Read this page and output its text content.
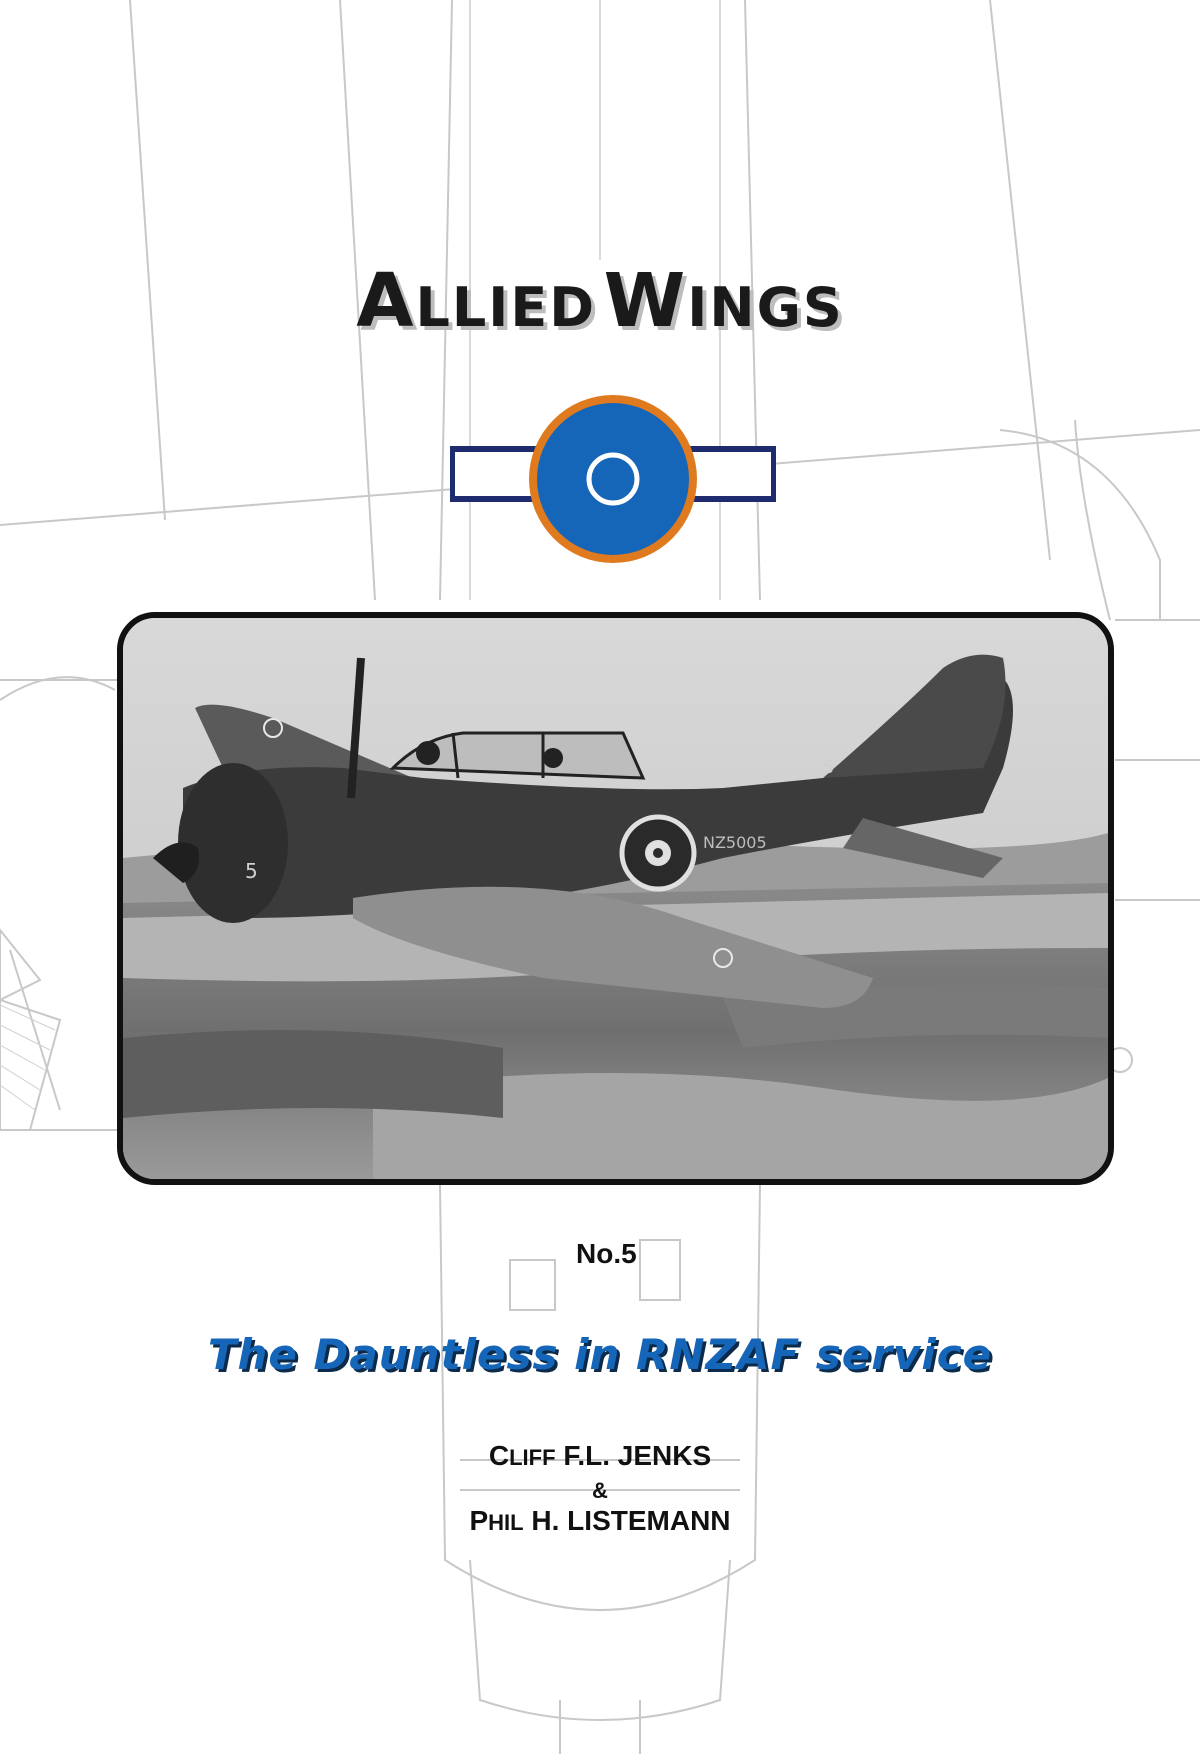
ALLIED WINGS
5
5
NZ5005
No.5
The Dauntless in RNZAF service
CLIFF F.L. JENKS
&
PHIL H. LISTEMANN
